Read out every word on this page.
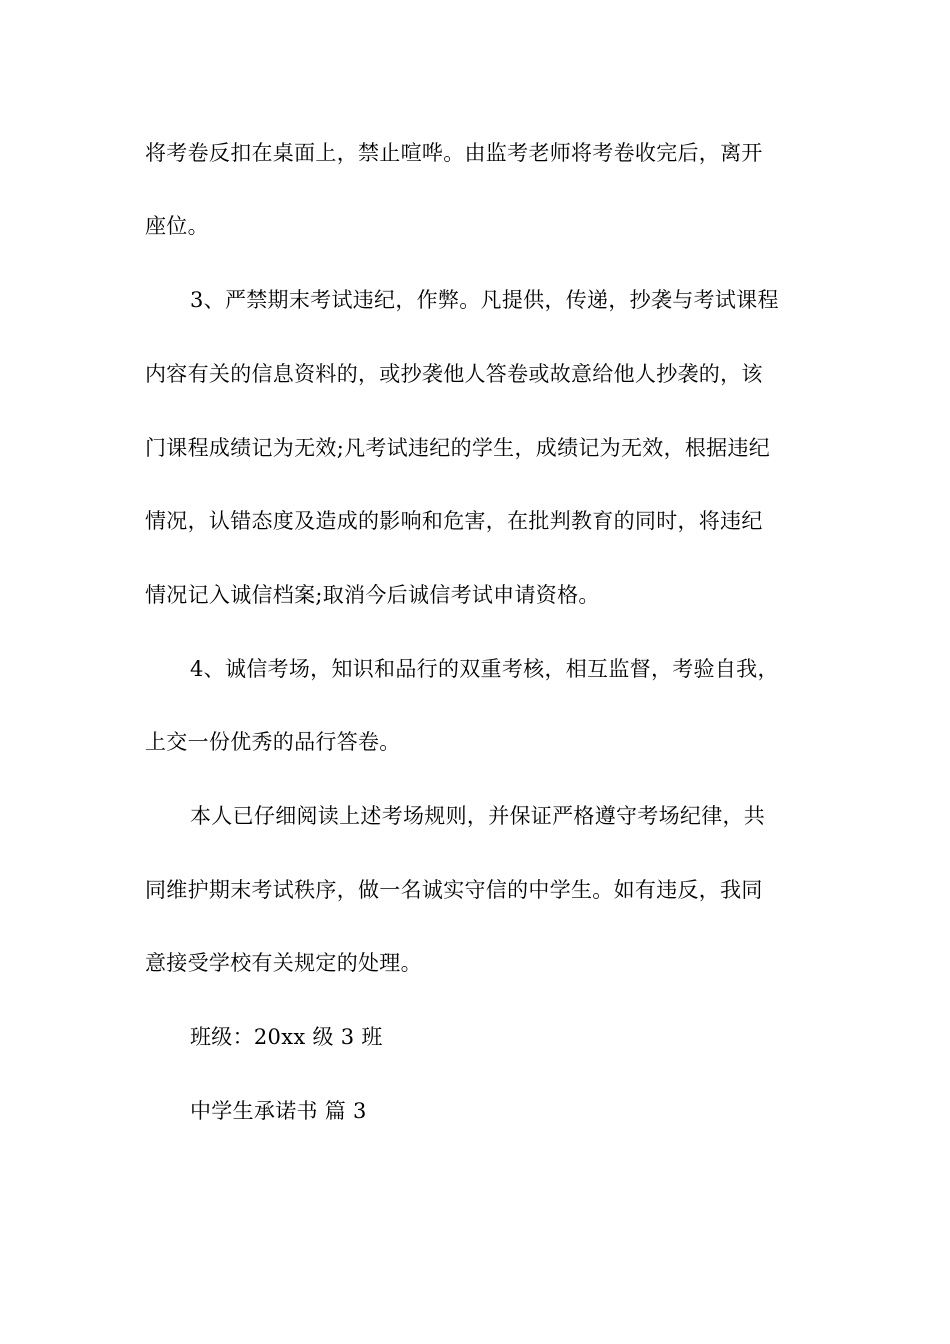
将考卷反扣在桌面上，禁止喧哗。由监考老师将考卷收完后，离开
座位。
3、严禁期末考试违纪，作弊。凡提供，传递，抄袭与考试课程
内容有关的信息资料的，或抄袭他人答卷或故意给他人抄袭的，该
门课程成绩记为无效;凡考试违纪的学生，成绩记为无效，根据违纪
情况，认错态度及造成的影响和危害，在批判教育的同时，将违纪
情况记入诚信档案;取消今后诚信考试申请资格。
4、诚信考场，知识和品行的双重考核，相互监督，考验自我，
上交一份优秀的品行答卷。
本人已仔细阅读上述考场规则，并保证严格遵守考场纪律，共
同维护期末考试秩序，做一名诚实守信的中学生。如有违反，我同
意接受学校有关规定的处理。
班级：20xx 级 3 班
中学生承诺书 篇 3
